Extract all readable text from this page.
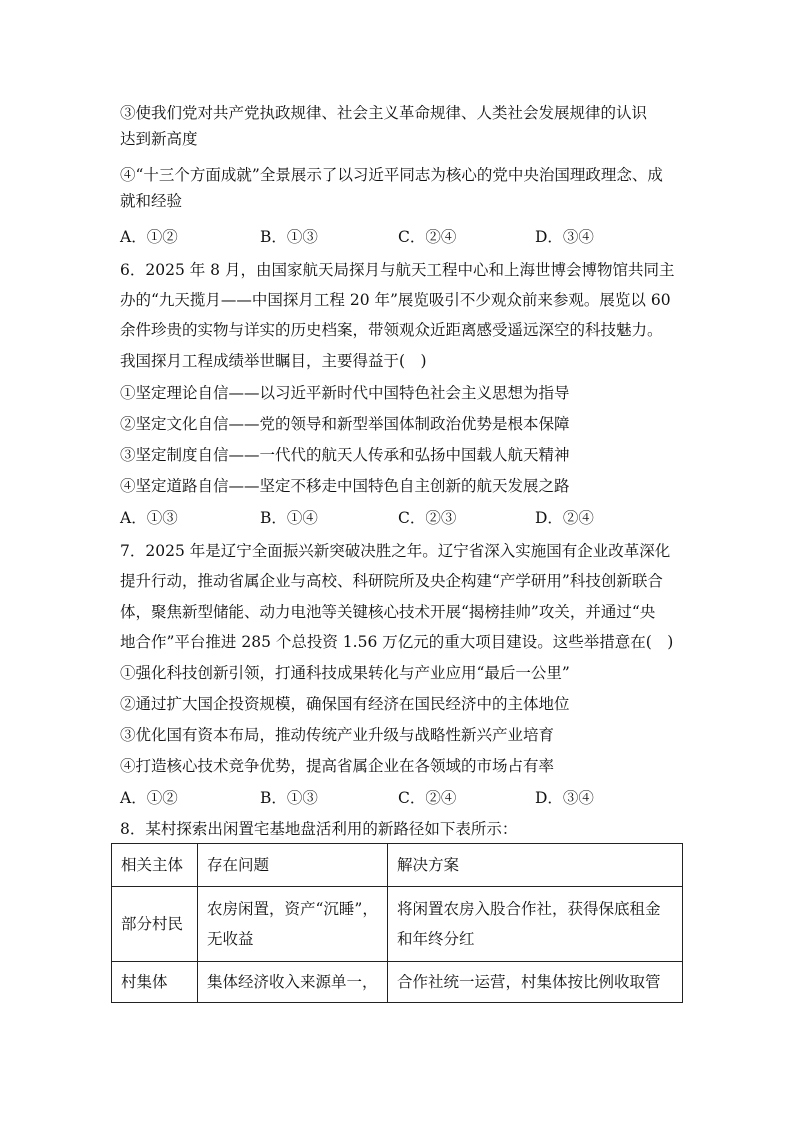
③使我们党对共产党执政规律、社会主义革命规律、人类社会发展规律的认识
达到新高度
④“十三个方面成就”全景展示了以习近平同志为核心的党中央治国理政理念、成
就和经验
A．①②	B．①③	C．②④	D．③④
6．2025 年 8 月，由国家航天局探月与航天工程中心和上海世博会博物馆共同主
办的“九天揽月——中国探月工程 20 年”展览吸引不少观众前来参观。展览以 60
余件珍贵的实物与详实的历史档案，带领观众近距离感受遥远深空的科技魅力。
我国探月工程成绩举世瞩目，主要得益于(　)
①坚定理论自信——以习近平新时代中国特色社会主义思想为指导
②坚定文化自信——党的领导和新型举国体制政治优势是根本保障
③坚定制度自信——一代代的航天人传承和弘扬中国载人航天精神
④坚定道路自信——坚定不移走中国特色自主创新的航天发展之路
A．①③	B．①④	C．②③	D．②④
7．2025 年是辽宁全面振兴新突破决胜之年。辽宁省深入实施国有企业改革深化
提升行动，推动省属企业与高校、科研院所及央企构建“产学研用”科技创新联合
体，聚焦新型储能、动力电池等关键核心技术开展“揭榜挂帅”攻关，并通过“央
地合作”平台推进 285 个总投资 1.56 万亿元的重大项目建设。这些举措意在(　)
①强化科技创新引领，打通科技成果转化与产业应用“最后一公里”
②通过扩大国企投资规模，确保国有经济在国民经济中的主体地位
③优化国有资本布局，推动传统产业升级与战略性新兴产业培育
④打造核心技术竞争优势，提高省属企业在各领域的市场占有率
A．①②	B．①③	C．②④	D．③④
8．某村探索出闲置宅基地盘活利用的新路径如下表所示：
相关主体	存在问题	解决方案
部分村民	农房闲置，资产“沉睡”，无收益	将闲置农房入股合作社，获得保底租金和年终分红
村集体	集体经济收入来源单一，	合作社统一运营，村集体按比例收取管
